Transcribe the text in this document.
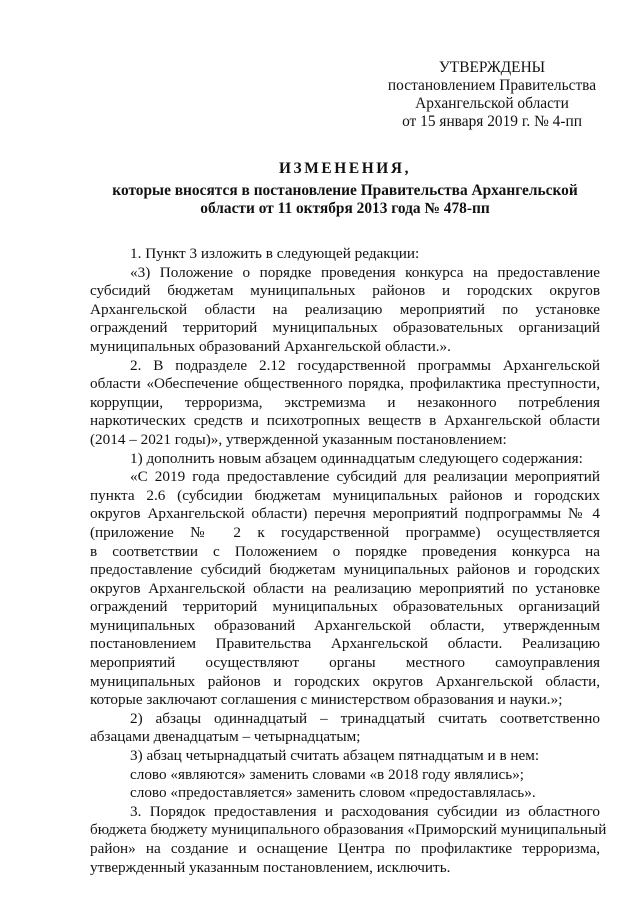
УТВЕРЖДЕНЫ
постановлением Правительства
Архангельской области
от 15 января 2019 г. № 4-пп
ИЗМЕНЕНИЯ,
которые вносятся в постановление Правительства Архангельской
области от 11 октября 2013 года № 478-пп
1. Пункт 3 изложить в следующей редакции:
«3) Положение о порядке проведения конкурса на предоставление
субсидий бюджетам муниципальных районов и городских округов
Архангельской области на реализацию мероприятий по установке
ограждений территорий муниципальных образовательных организаций
муниципальных образований Архангельской области.».
2. В подразделе 2.12 государственной программы Архангельской
области «Обеспечение общественного порядка, профилактика преступности,
коррупции, терроризма, экстремизма и незаконного потребления
наркотических средств и психотропных веществ в Архангельской области
(2014 – 2021 годы)», утвержденной указанным постановлением:
1) дополнить новым абзацем одиннадцатым следующего содержания:
«С 2019 года предоставление субсидий для реализации мероприятий
пункта 2.6 (субсидии бюджетам муниципальных районов и городских
округов Архангельской области) перечня мероприятий подпрограммы № 4
(приложение № 2 к государственной программе) осуществляется
в соответствии с Положением о порядке проведения конкурса на
предоставление субсидий бюджетам муниципальных районов и городских
округов Архангельской области на реализацию мероприятий по установке
ограждений территорий муниципальных образовательных организаций
муниципальных образований Архангельской области, утвержденным
постановлением Правительства Архангельской области. Реализацию
мероприятий осуществляют органы местного самоуправления
муниципальных районов и городских округов Архангельской области,
которые заключают соглашения с министерством образования и науки.»;
2) абзацы одиннадцатый – тринадцатый считать соответственно
абзацами двенадцатым – четырнадцатым;
3) абзац четырнадцатый считать абзацем пятнадцатым и в нем:
слово «являются» заменить словами «в 2018 году являлись»;
слово «предоставляется» заменить словом «предоставлялась».
3. Порядок предоставления и расходования субсидии из областного
бюджета бюджету муниципального образования «Приморский муниципальный
район» на создание и оснащение Центра по профилактике терроризма,
утвержденный указанным постановлением, исключить.
